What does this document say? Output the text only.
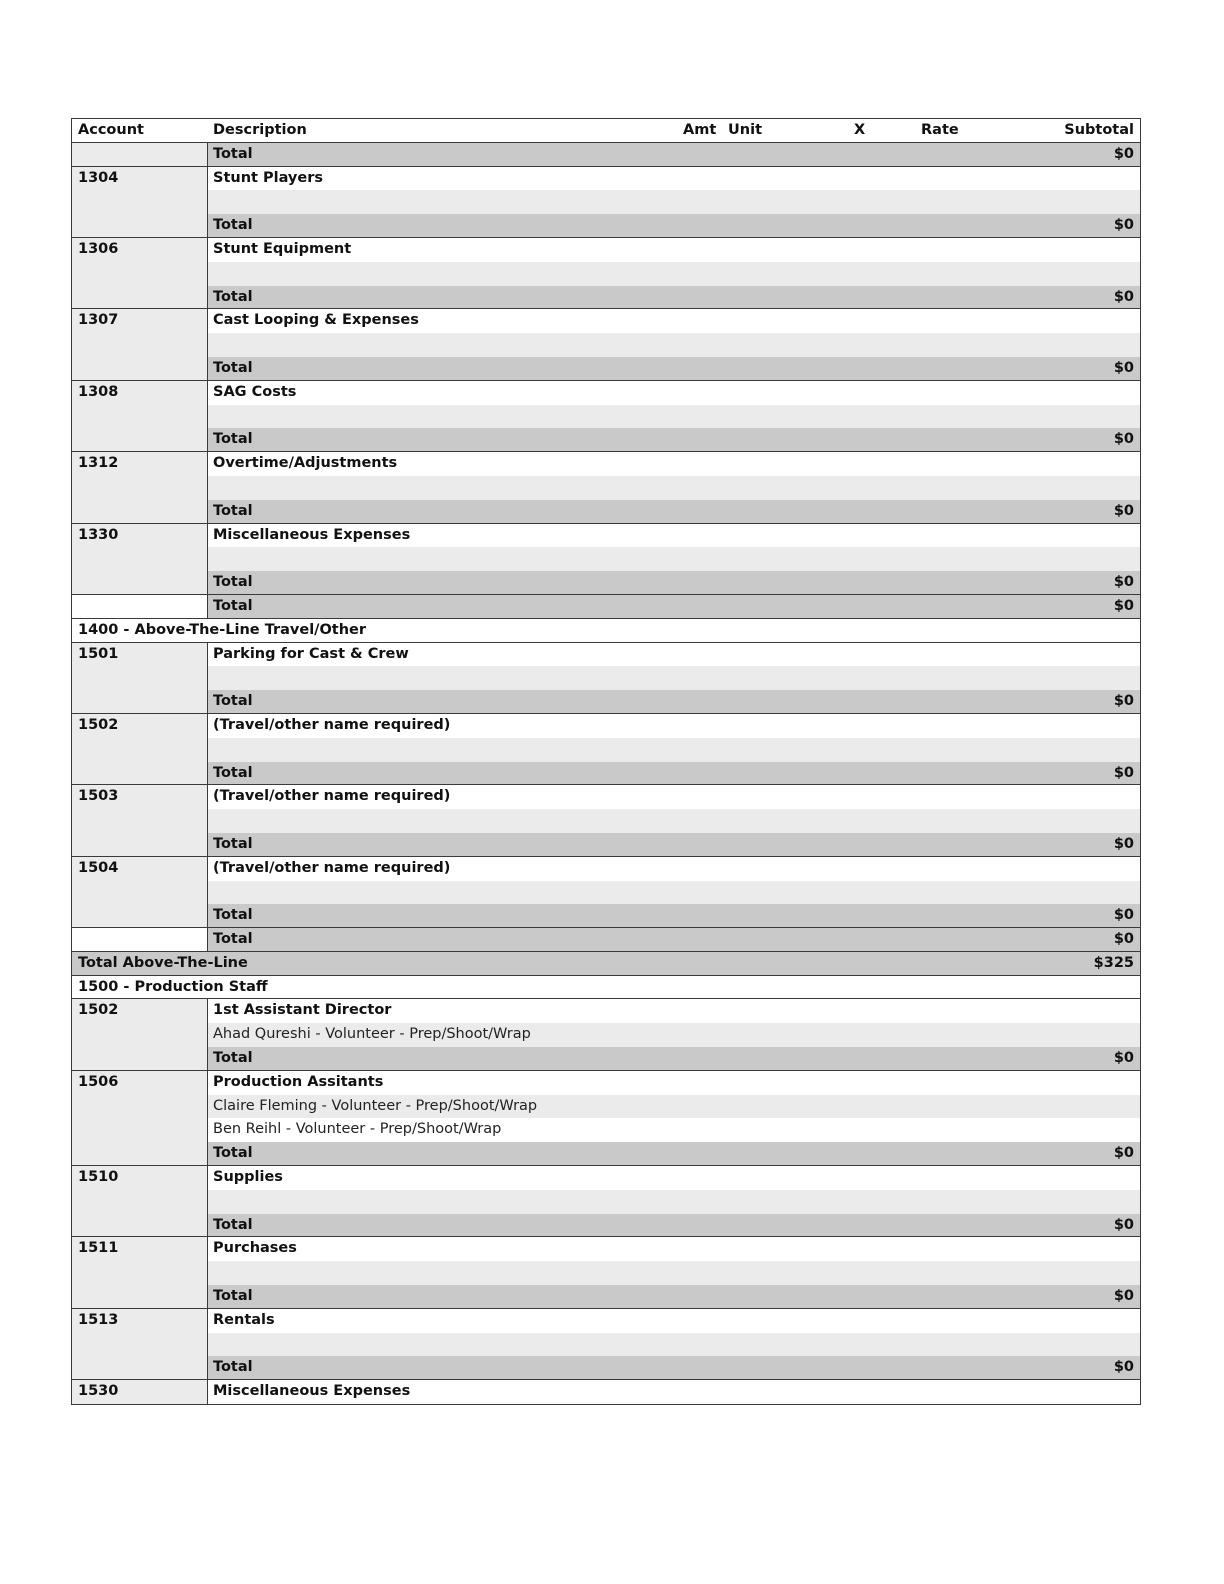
Account	Description	Amt Unit	X	Rate	Subtotal
Total	$0
1304	Stunt Players
Total	$0
1306	Stunt Equipment
Total	$0
1307	Cast Looping & Expenses
Total	$0
1308	SAG Costs
Total	$0
1312	Overtime/Adjustments
Total	$0
1330	Miscellaneous Expenses
Total	$0
Total	$0
1400 - Above-The-Line Travel/Other
1501	Parking for Cast & Crew
Total	$0
1502	(Travel/other name required)
Total	$0
1503	(Travel/other name required)
Total	$0
1504	(Travel/other name required)
Total	$0
Total	$0
Total Above-The-Line	$325
1500 - Production Staff
1502	1st Assistant Director
Ahad Qureshi - Volunteer - Prep/Shoot/Wrap
Total	$0
1506	Production Assitants
Claire Fleming - Volunteer - Prep/Shoot/Wrap
Ben Reihl - Volunteer - Prep/Shoot/Wrap
Total	$0
1510	Supplies
Total	$0
1511	Purchases
Total	$0
1513	Rentals
Total	$0
1530	Miscellaneous Expenses
